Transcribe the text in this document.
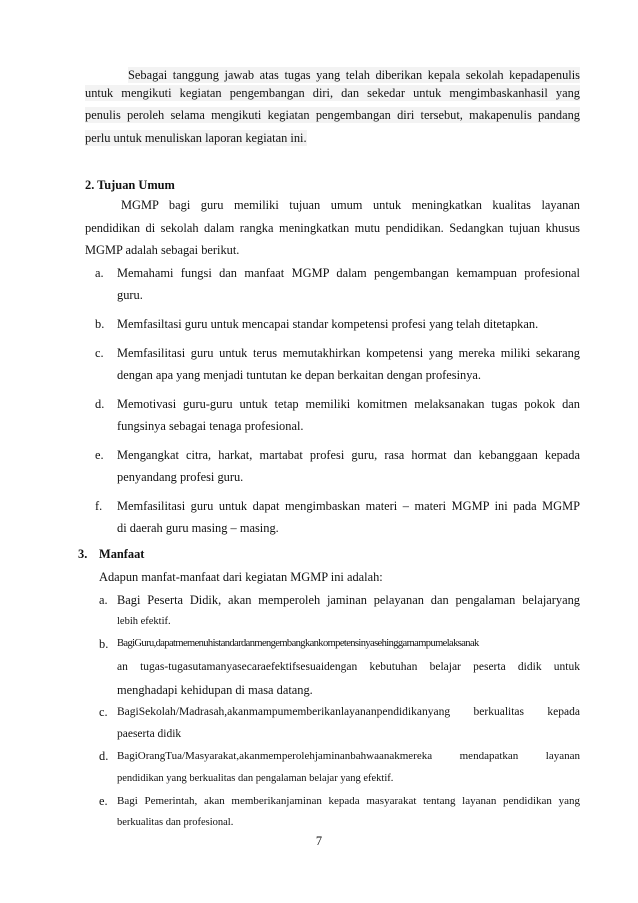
Sebagai tanggung jawab atas tugas yang telah diberikan kepala sekolah kepadapenulis
untuk mengikuti kegiatan pengembangan diri, dan sekedar untuk mengimbaskanhasil yang
penulis peroleh selama mengikuti kegiatan pengembangan diri tersebut, makapenulis pandang
perlu untuk menuliskan laporan kegiatan ini.
2. Tujuan Umum
MGMP bagi guru memiliki tujuan umum untuk meningkatkan kualitas layanan
pendidikan di sekolah dalam rangka meningkatkan mutu pendidikan. Sedangkan tujuan khusus
MGMP adalah sebagai berikut.
a. Memahami fungsi dan manfaat MGMP dalam pengembangan kemampuan profesional
guru.
b. Memfasiltasi guru untuk mencapai standar kompetensi profesi yang telah ditetapkan.
c. Memfasilitasi guru untuk terus memutakhirkan kompetensi yang mereka miliki sekarang
dengan apa yang menjadi tuntutan ke depan berkaitan dengan profesinya.
d. Memotivasi guru-guru untuk tetap memiliki komitmen melaksanakan tugas pokok dan
fungsinya sebagai tenaga profesional.
e. Mengangkat citra, harkat, martabat profesi guru, rasa hormat dan kebanggaan kepada
penyandang profesi guru.
f. Memfasilitasi guru untuk dapat mengimbaskan materi – materi MGMP ini pada MGMP
di daerah guru masing – masing.
3. Manfaat
Adapun manfat-manfaat dari kegiatan MGMP ini adalah:
a. Bagi Peserta Didik, akan memperoleh jaminan pelayanan dan pengalaman belajaryang
lebih efektif.
b. BagiGuru,dapatmemenuhistandardanmengembangkankompetensinyasehinggamampumelaksanak
an tugas-tugasutamanyasecaraefektifsesuaidengan kebutuhan belajar peserta didik untuk
menghadapi kehidupan di masa datang.
c. BagiSekolah/Madrasah,akanmampumemberikanlayananpendidikanyang berkualitas kepada
paeserta didik
d. BagiOrangTua/Masyarakat,akanmemperolehjaminanbahwaanakmereka mendapatkan layanan
pendidikan yang berkualitas dan pengalaman belajar yang efektif.
e. Bagi Pemerintah, akan memberikanjaminan kepada masyarakat tentang layanan pendidikan yang
berkualitas dan profesional.
7
